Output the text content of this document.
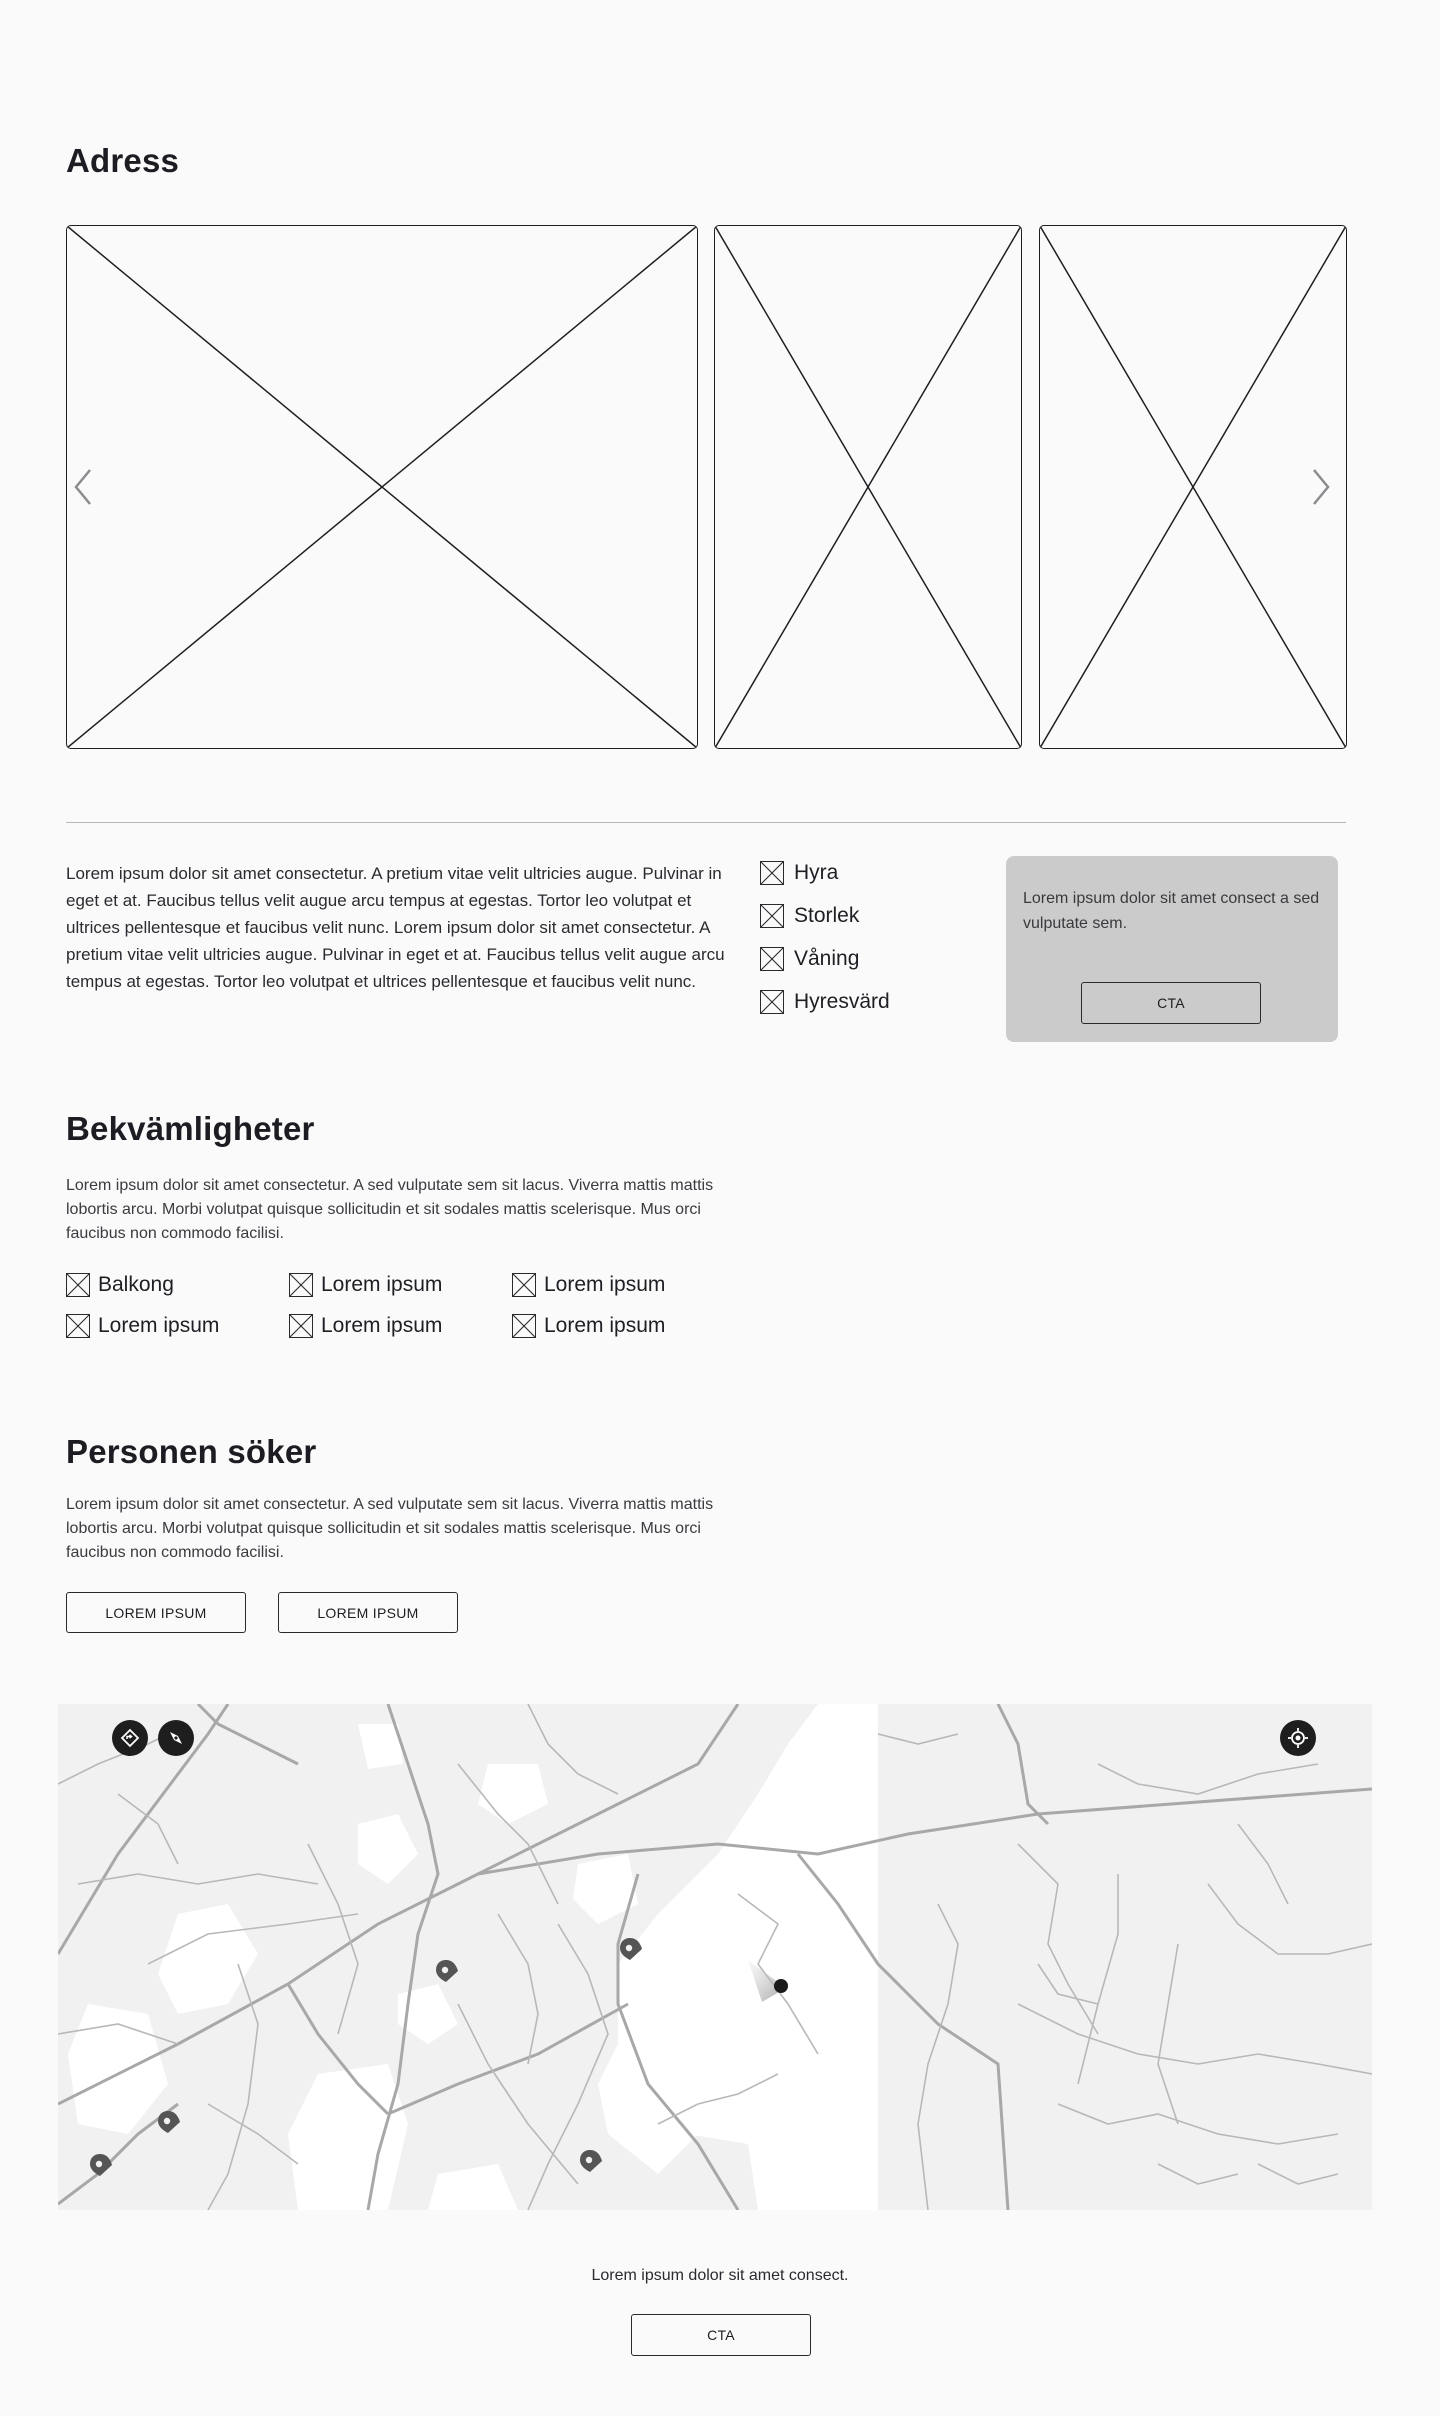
Adress

Lorem ipsum dolor sit amet consectetur. A pretium vitae velit ultricies augue. Pulvinar in eget et at. Faucibus tellus velit augue arcu tempus at egestas. Tortor leo volutpat et ultrices pellentesque et faucibus velit nunc. Lorem ipsum dolor sit amet consectetur. A pretium vitae velit ultricies augue. Pulvinar in eget et at. Faucibus tellus velit augue arcu tempus at egestas. Tortor leo volutpat et ultrices pellentesque et faucibus velit nunc.

Hyra
Storlek
Våning
Hyresvärd

Lorem ipsum dolor sit amet consect a sed vulputate sem.

CTA
Bekvämligheter

Lorem ipsum dolor sit amet consectetur. A sed vulputate sem sit lacus. Viverra mattis mattis lobortis arcu. Morbi volutpat quisque sollicitudin et sit sodales mattis scelerisque. Mus orci faucibus non commodo facilisi.

Balkong	Lorem ipsum	Lorem ipsum
Lorem ipsum	Lorem ipsum	Lorem ipsum
Personen söker

Lorem ipsum dolor sit amet consectetur. A sed vulputate sem sit lacus. Viverra mattis mattis lobortis arcu. Morbi volutpat quisque sollicitudin et sit sodales mattis scelerisque. Mus orci faucibus non commodo facilisi.

LOREM IPSUM	LOREM IPSUM

Lorem ipsum dolor sit amet consect.

CTA
